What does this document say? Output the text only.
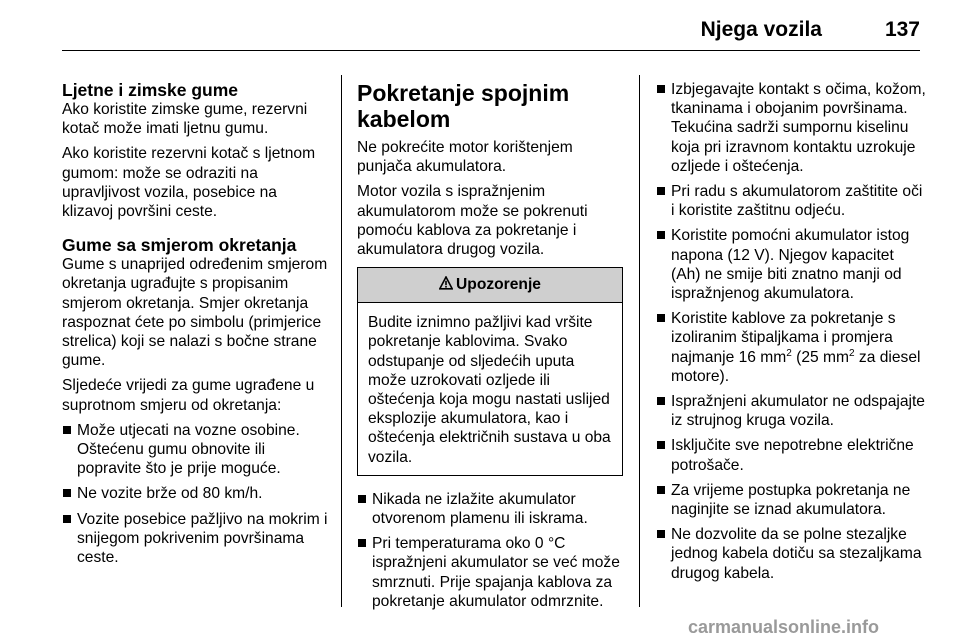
Njega vozila	137
Ljetne i zimske gume

Ako koristite zimske gume, rezervni kotač može imati ljetnu gumu.

Ako koristite rezervni kotač s ljetnom gumom: može se odraziti na upravljivost vozila, posebice na klizavoj površini ceste.

Gume sa smjerom okretanja

Gume s unaprijed određenim smjerom okretanja ugrađujte s propisanim smjerom okretanja. Smjer okretanja raspoznat ćete po simbolu (primjerice strelica) koji se nalazi s bočne strane gume.

Sljedeće vrijedi za gume ugrađene u suprotnom smjeru od okretanja:

Može utjecati na vozne osobine. Oštećenu gumu obnovite ili popravite što je prije moguće.
Ne vozite brže od 80 km/h.
Vozite posebice pažljivo na mokrim i snijegom pokrivenim površinama ceste.
Pokretanje spojnim kabelom

Ne pokrećite motor korištenjem punjača akumulatora.

Motor vozila s ispražnjenim akumulatorom može se pokrenuti pomoću kablova za pokretanje i akumulatora drugog vozila.

Upozorenje
Budite iznimno pažljivi kad vršite pokretanje kablovima. Svako odstupanje od sljedećih uputa može uzrokovati ozljede ili oštećenja koja mogu nastati uslijed eksplozije akumulatora, kao i oštećenja električnih sustava u oba vozila.
Nikada ne izlažite akumulator otvorenom plamenu ili iskrama.
Pri temperaturama oko 0 °C ispražnjeni akumulator se već može smrznuti. Prije spajanja kablova za pokretanje akumulator odmrznite.
Izbjegavajte kontakt s očima, kožom, tkaninama i obojanim površinama. Tekućina sadrži sumpornu kiselinu koja pri izravnom kontaktu uzrokuje ozljede i oštećenja.
Pri radu s akumulatorom zaštitite oči i koristite zaštitnu odjeću.
Koristite pomoćni akumulator istog napona (12 V). Njegov kapacitet (Ah) ne smije biti znatno manji od ispražnjenog akumulatora.
Koristite kablove za pokretanje s izoliranim štipaljkama i promjera najmanje 16 $mm^2$ (25 $mm^2$ za diesel motore).
Ispražnjeni akumulator ne odspajajte iz strujnog kruga vozila.
Isključite sve nepotrebne električne potrošače.
Za vrijeme postupka pokretanja ne naginjite se iznad akumulatora.
Ne dozvolite da se polne stezaljke jednog kabela dotiču sa stezaljkama drugog kabela.
carmanualsonline.info
